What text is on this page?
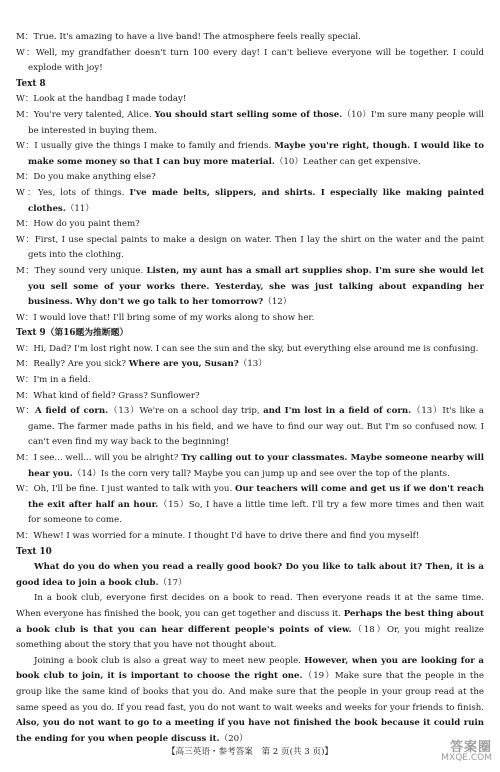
M：True. It's amazing to have a live band! The atmosphere feels really special.

W：Well, my grandfather doesn't turn 100 every day! I can't believe everyone will be together. I could explode with joy!

Text 8

W：Look at the handbag I made today!

M：You're very talented, Alice. You should start selling some of those.（10）I'm sure many people will be interested in buying them.

W：I usually give the things I make to family and friends. Maybe you're right, though. I would like to make some money so that I can buy more material.（10）Leather can get expensive.

M：Do you make anything else?

W：Yes, lots of things. I've made belts, slippers, and shirts. I especially like making painted clothes.（11）

M：How do you paint them?

W：First, I use special paints to make a design on water. Then I lay the shirt on the water and the paint gets into the clothing.

M：They sound very unique. Listen, my aunt has a small art supplies shop. I'm sure she would let you sell some of your works there. Yesterday, she was just talking about expanding her business. Why don't we go talk to her tomorrow?（12）

W：I would love that! I'll bring some of my works along to show her.

Text 9（第16题为推断题）

W：Hi, Dad? I'm lost right now. I can see the sun and the sky, but everything else around me is confusing.

M：Really? Are you sick? Where are you, Susan?（13）

W：I'm in a field.

M：What kind of field? Grass? Sunflower?

W：A field of corn.（13）We're on a school day trip, and I'm lost in a field of corn.（13）It's like a game. The farmer made paths in his field, and we have to find our way out. But I'm so confused now. I can't even find my way back to the beginning!

M：I see... well... will you be alright? Try calling out to your classmates. Maybe someone nearby will hear you.（14）Is the corn very tall? Maybe you can jump up and see over the top of the plants.

W：Oh, I'll be fine. I just wanted to talk with you. Our teachers will come and get us if we don't reach the exit after half an hour.（15）So, I have a little time left. I'll try a few more times and then wait for someone to come.

M：Whew! I was worried for a minute. I thought I'd have to drive there and find you myself!

Text 10

What do you do when you read a really good book? Do you like to talk about it? Then, it is a good idea to join a book club.（17）

In a book club, everyone first decides on a book to read. Then everyone reads it at the same time. When everyone has finished the book, you can get together and discuss it. Perhaps the best thing about a book club is that you can hear different people's points of view.（18）Or, you might realize something about the story that you have not thought about.

Joining a book club is also a great way to meet new people. However, when you are looking for a book club to join, it is important to choose the right one.（19）Make sure that the people in the group like the same kind of books that you do. And make sure that the people in your group read at the same speed as you do. If you read fast, you do not want to wait weeks and weeks for your friends to finish. Also, you do not want to go to a meeting if you have not finished the book because it could ruin the ending for you when people discuss it.（20）

【高三英语・参考答案　第 2 页(共 3 页)】	答案圈
MXQE.COM
